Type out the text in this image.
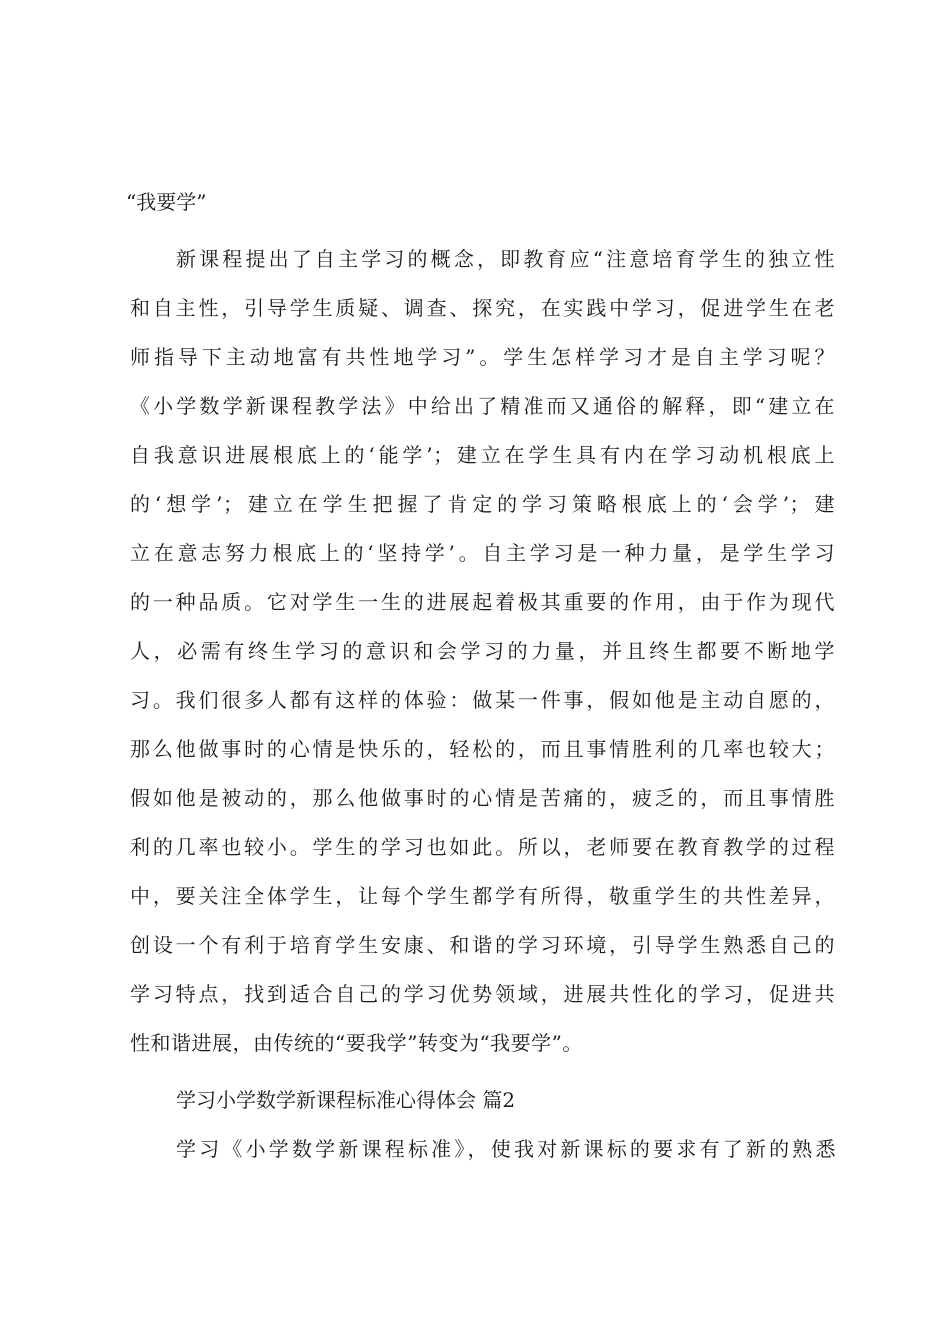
“我要学”
新课程提出了自主学习的概念，即教育应“注意培育学生的独立性
和自主性，引导学生质疑、调查、探究，在实践中学习，促进学生在老
师指导下主动地富有共性地学习”。学生怎样学习才是自主学习呢？
《小学数学新课程教学法》中给出了精准而又通俗的解释，即“建立在
自我意识进展根底上的‘能学’；建立在学生具有内在学习动机根底上
的‘想学’；建立在学生把握了肯定的学习策略根底上的‘会学’；建
立在意志努力根底上的‘坚持学’。自主学习是一种力量，是学生学习
的一种品质。它对学生一生的进展起着极其重要的作用，由于作为现代
人，必需有终生学习的意识和会学习的力量，并且终生都要不断地学
习。我们很多人都有这样的体验：做某一件事，假如他是主动自愿的，
那么他做事时的心情是快乐的，轻松的，而且事情胜利的几率也较大；
假如他是被动的，那么他做事时的心情是苦痛的，疲乏的，而且事情胜
利的几率也较小。学生的学习也如此。所以，老师要在教育教学的过程
中，要关注全体学生，让每个学生都学有所得，敬重学生的共性差异，
创设一个有利于培育学生安康、和谐的学习环境，引导学生熟悉自己的
学习特点，找到适合自己的学习优势领域，进展共性化的学习，促进共
性和谐进展，由传统的“要我学”转变为“我要学”。
学习小学数学新课程标准心得体会 篇2
学习《小学数学新课程标准》，使我对新课标的要求有了新的熟悉
